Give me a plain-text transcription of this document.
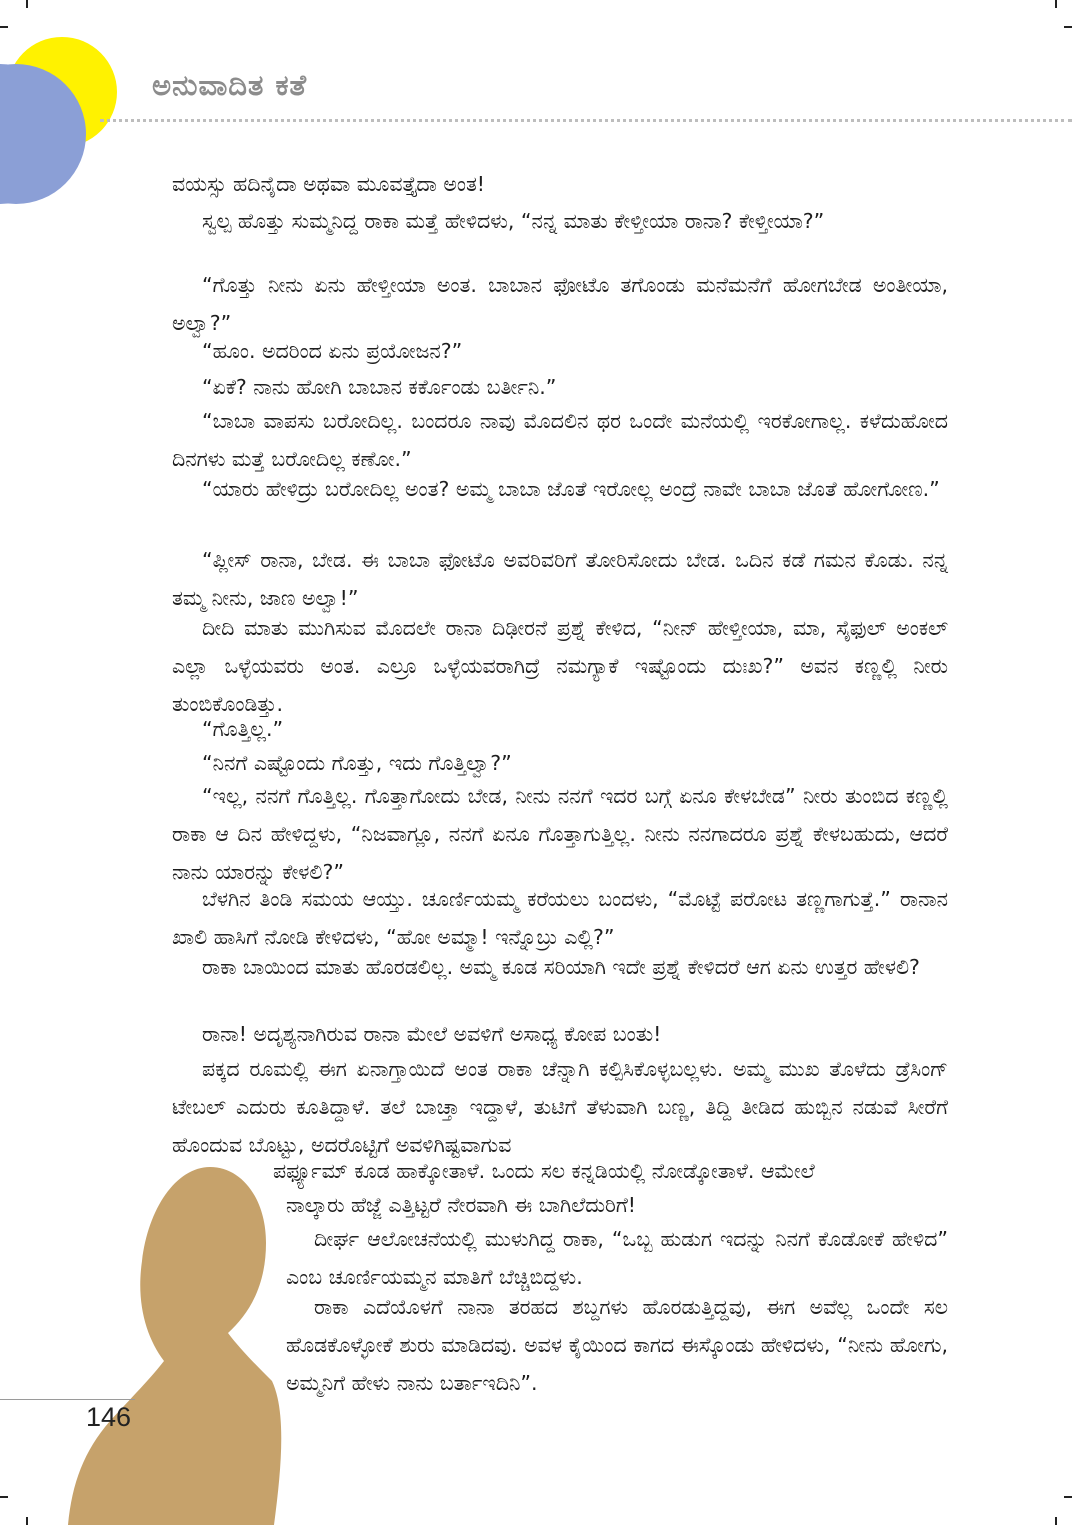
ಅನುವಾದಿತ ಕತೆ

ವಯಸ್ಸು ಹದಿನೈದಾ ಅಥವಾ ಮೂವತ್ತೈದಾ ಅಂತ!

ಸ್ವಲ್ಪ ಹೊತ್ತು ಸುಮ್ಮನಿದ್ದ ರಾಕಾ ಮತ್ತೆ ಹೇಳಿದಳು, “ನನ್ನ ಮಾತು ಕೇಳ್ತೀಯಾ ರಾನಾ? ಕೇಳ್ತೀಯಾ?”

“ಗೊತ್ತು ನೀನು ಏನು ಹೇಳ್ತೀಯಾ ಅಂತ. ಬಾಬಾನ ಫೋಟೊ ತಗೊಂಡು ಮನೆಮನೆಗೆ ಹೋಗಬೇಡ ಅಂತೀಯಾ, ಅಲ್ವಾ?”

“ಹೂಂ. ಅದರಿಂದ ಏನು ಪ್ರಯೋಜನ?”

“ಏಕೆ? ನಾನು ಹೋಗಿ ಬಾಬಾನ ಕರ್ಕೊಂಡು ಬರ್ತೀನಿ.”

“ಬಾಬಾ ವಾಪಸು ಬರೋದಿಲ್ಲ. ಬಂದರೂ ನಾವು ಮೊದಲಿನ ಥರ ಒಂದೇ ಮನೆಯಲ್ಲಿ ಇರಕೋಗಾಲ್ಲ. ಕಳೆದುಹೋದ ದಿನಗಳು ಮತ್ತೆ ಬರೋದಿಲ್ಲ ಕಣೋ.”

“ಯಾರು ಹೇಳಿದ್ರು ಬರೋದಿಲ್ಲ ಅಂತ? ಅಮ್ಮ ಬಾಬಾ ಜೊತೆ ಇರೋಲ್ಲ ಅಂದ್ರೆ ನಾವೇ ಬಾಬಾ ಜೊತೆ ಹೋಗೋಣ.”

“ಪ್ಲೀಸ್ ರಾನಾ, ಬೇಡ. ಈ ಬಾಬಾ ಫೋಟೊ ಅವರಿವರಿಗೆ ತೋರಿಸೋದು ಬೇಡ. ಒದಿನ ಕಡೆ ಗಮನ ಕೊಡು. ನನ್ನ ತಮ್ಮ ನೀನು, ಜಾಣ ಅಲ್ವಾ!”

ದೀದಿ ಮಾತು ಮುಗಿಸುವ ಮೊದಲೇ ರಾನಾ ದಿಢೀರನೆ ಪ್ರಶ್ನೆ ಕೇಳಿದ, “ನೀನ್ ಹೇಳ್ತೀಯಾ, ಮಾ, ಸೈಫುಲ್ ಅಂಕಲ್ ಎಲ್ಲಾ ಒಳ್ಳೆಯವರು ಅಂತ. ಎಲ್ರೂ ಒಳ್ಳೆಯವರಾಗಿದ್ರೆ ನಮಗ್ಯಾಕೆ ಇಷ್ಟೊಂದು ದುಃಖ?” ಅವನ ಕಣ್ಣಲ್ಲಿ ನೀರು ತುಂಬಿಕೊಂಡಿತ್ತು.

“ಗೊತ್ತಿಲ್ಲ.”

“ನಿನಗೆ ಎಷ್ಟೊಂದು ಗೊತ್ತು, ಇದು ಗೊತ್ತಿಲ್ವಾ?”

“ಇಲ್ಲ, ನನಗೆ ಗೊತ್ತಿಲ್ಲ. ಗೊತ್ತಾಗೋದು ಬೇಡ, ನೀನು ನನಗೆ ಇದರ ಬಗ್ಗೆ ಏನೂ ಕೇಳಬೇಡ” ನೀರು ತುಂಬಿದ ಕಣ್ಣಲ್ಲಿ ರಾಕಾ ಆ ದಿನ ಹೇಳಿದ್ದಳು, “ನಿಜವಾಗ್ಲೂ, ನನಗೆ ಏನೂ ಗೊತ್ತಾಗುತ್ತಿಲ್ಲ. ನೀನು ನನಗಾದರೂ ಪ್ರಶ್ನೆ ಕೇಳಬಹುದು, ಆದರೆ ನಾನು ಯಾರನ್ನು ಕೇಳಲಿ?”

ಬೆಳಗಿನ ತಿಂಡಿ ಸಮಯ ಆಯ್ತು. ಚೂರ್ಣಿಯಮ್ಮ ಕರೆಯಲು ಬಂದಳು, “ಮೊಟ್ಟೆ ಪರೋಟ ತಣ್ಣಗಾಗುತ್ತೆ.” ರಾನಾನ ಖಾಲಿ ಹಾಸಿಗೆ ನೋಡಿ ಕೇಳಿದಳು, “ಹೋ ಅಮ್ಮಾ! ಇನ್ನೊಬ್ರು ಎಲ್ಲಿ?”

ರಾಕಾ ಬಾಯಿಂದ ಮಾತು ಹೊರಡಲಿಲ್ಲ. ಅಮ್ಮ ಕೂಡ ಸರಿಯಾಗಿ ಇದೇ ಪ್ರಶ್ನೆ ಕೇಳಿದರೆ ಆಗ ಏನು ಉತ್ತರ ಹೇಳಲಿ?

ರಾನಾ! ಅದೃಶ್ಯನಾಗಿರುವ ರಾನಾ ಮೇಲೆ ಅವಳಿಗೆ ಅಸಾಧ್ಯ ಕೋಪ ಬಂತು!

ಪಕ್ಕದ ರೂಮಲ್ಲಿ ಈಗ ಏನಾಗ್ತಾಯಿದೆ ಅಂತ ರಾಕಾ ಚೆನ್ನಾಗಿ ಕಲ್ಪಿಸಿಕೊಳ್ಳಬಲ್ಲಳು. ಅಮ್ಮ ಮುಖ ತೊಳೆದು ಡ್ರೆಸಿಂಗ್ ಟೇಬಲ್ ಎದುರು ಕೂತಿದ್ದಾಳೆ. ತಲೆ ಬಾಚ್ತಾ ಇದ್ದಾಳೆ, ತುಟಿಗೆ ತೆಳುವಾಗಿ ಬಣ್ಣ, ತಿದ್ದಿ ತೀಡಿದ ಹುಬ್ಬಿನ ನಡುವೆ ಸೀರೆಗೆ ಹೊಂದುವ ಬೊಟ್ಟು, ಅದರೊಟ್ಟಿಗೆ ಅವಳಿಗಿಷ್ಟವಾಗುವ

ಪರ್ಫ್ಯೂಮ್ ಕೂಡ ಹಾಕ್ಕೋತಾಳೆ. ಒಂದು ಸಲ ಕನ್ನಡಿಯಲ್ಲಿ ನೋಡ್ಕೋತಾಳೆ. ಆಮೇಲೆ

ನಾಲ್ಕಾರು ಹೆಜ್ಜೆ ಎತ್ತಿಟ್ಟರೆ ನೇರವಾಗಿ ಈ ಬಾಗಿಲೆದುರಿಗೆ!

ದೀರ್ಘ ಆಲೋಚನೆಯಲ್ಲಿ ಮುಳುಗಿದ್ದ ರಾಕಾ, “ಒಬ್ಬ ಹುಡುಗ ಇದನ್ನು ನಿನಗೆ ಕೊಡೋಕೆ ಹೇಳಿದ” ಎಂಬ ಚೂರ್ಣಿಯಮ್ಮನ ಮಾತಿಗೆ ಬೆಚ್ಚಿಬಿದ್ದಳು.

ರಾಕಾ ಎದೆಯೊಳಗೆ ನಾನಾ ತರಹದ ಶಬ್ದಗಳು ಹೊರಡುತ್ತಿದ್ದವು, ಈಗ ಅವೆಲ್ಲ ಒಂದೇ ಸಲ ಹೊಡಕೊಳ್ಳೋಕೆ ಶುರು ಮಾಡಿದವು. ಅವಳ ಕೈಯಿಂದ ಕಾಗದ ಈಸ್ಕೊಂಡು ಹೇಳಿದಳು, “ನೀನು ಹೋಗು, ಅಮ್ಮನಿಗೆ ಹೇಳು ನಾನು ಬರ್ತಾಇದಿನಿ”.

146
